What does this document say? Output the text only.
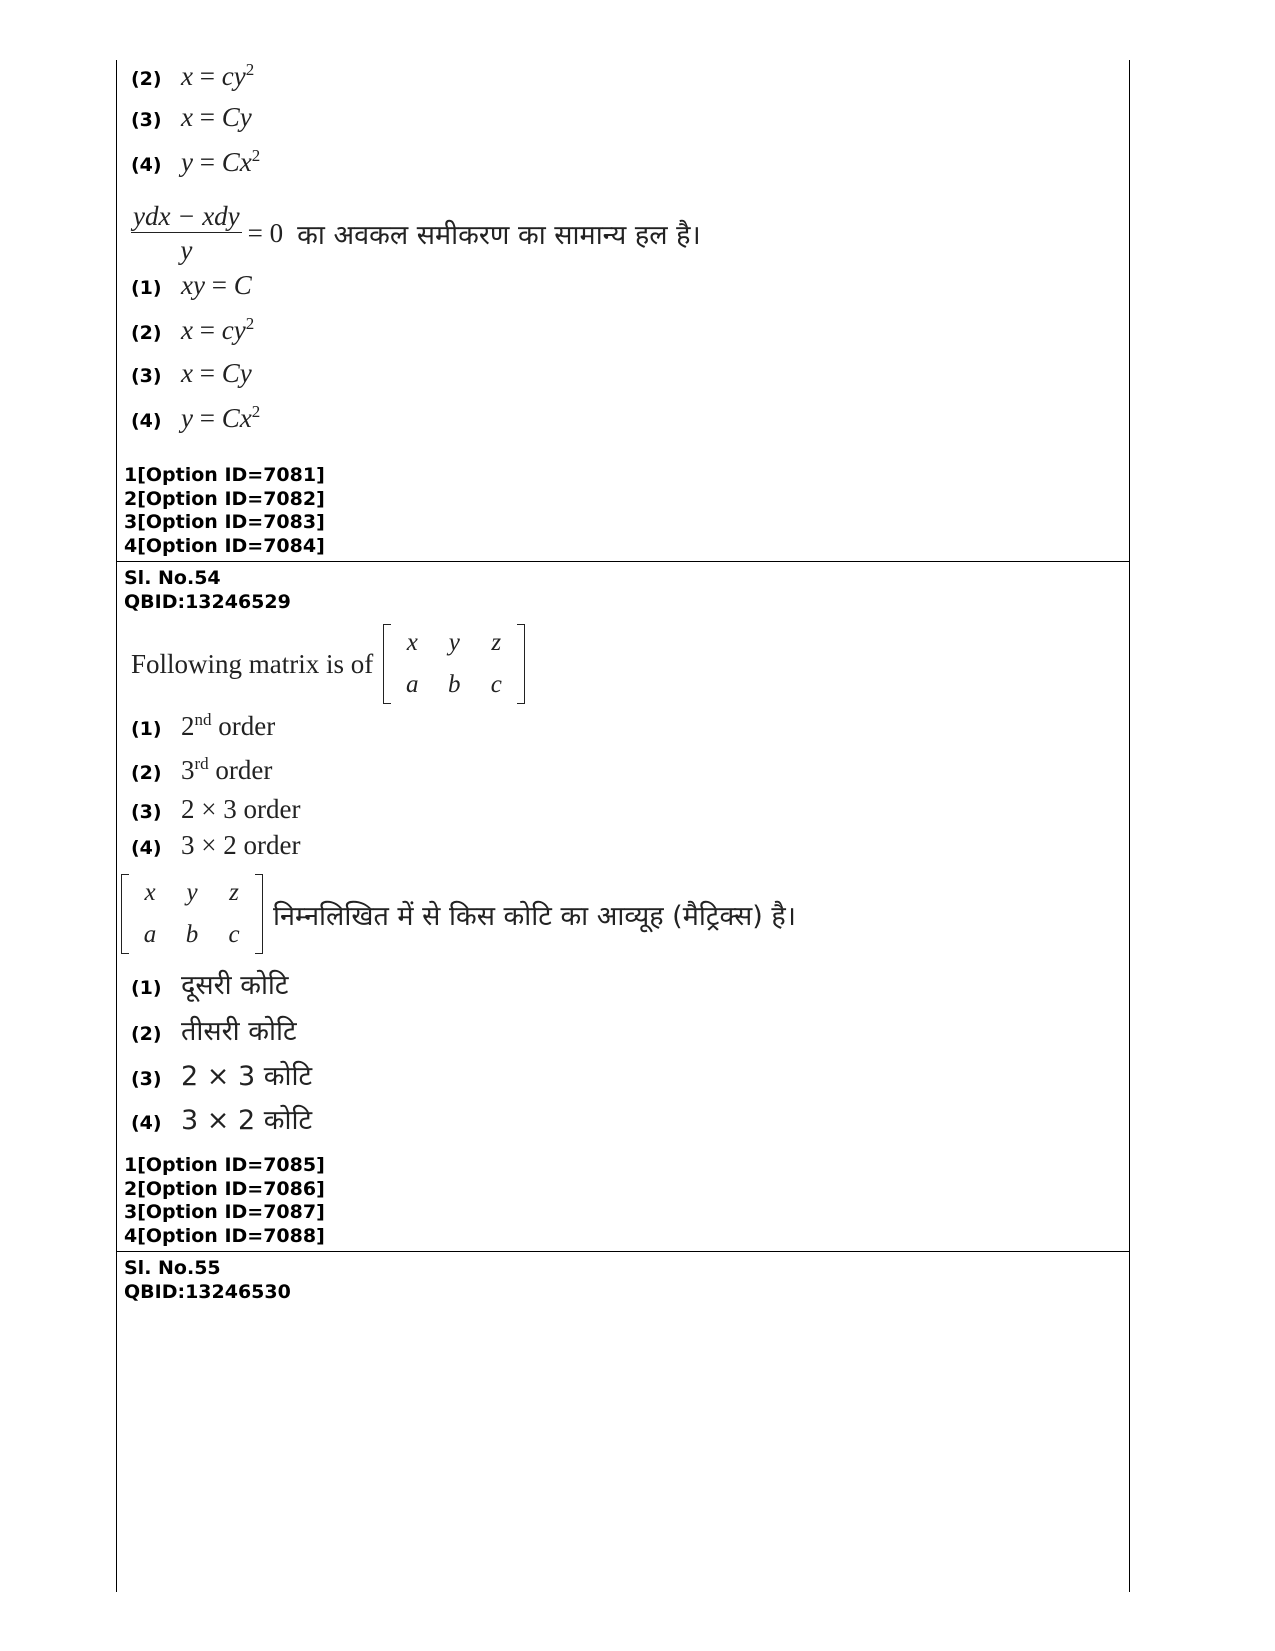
(2) $x = cy^2$
(3) x = Cy
(4) $y = Cx^2$
$\frac{\text{ydx − xdy}}{y} = 0$ का अवकल समीकरण का सामान्य हल है।
(1) xy = C
(2) $x = cy^2$
(3) x = Cy
(4) $y = Cx^2$
1[Option ID=7081]
2[Option ID=7082]
3[Option ID=7083]
4[Option ID=7084]
Sl. No.54
QBID:13246529
Following matrix is of
x y z
a b c
(1) 2nd order
(2) 3rd order
(3) 2 × 3 order
(4) 3 × 2 order
x y z
a b c
निम्नलिखित में से किस कोटि का आव्यूह (मैट्रिक्स) है।
(1) दूसरी कोटि
(2) तीसरी कोटि
(3) 2 × 3 कोटि
(4) 3 × 2 कोटि
1[Option ID=7085]
2[Option ID=7086]
3[Option ID=7087]
4[Option ID=7088]
Sl. No.55
QBID:13246530
